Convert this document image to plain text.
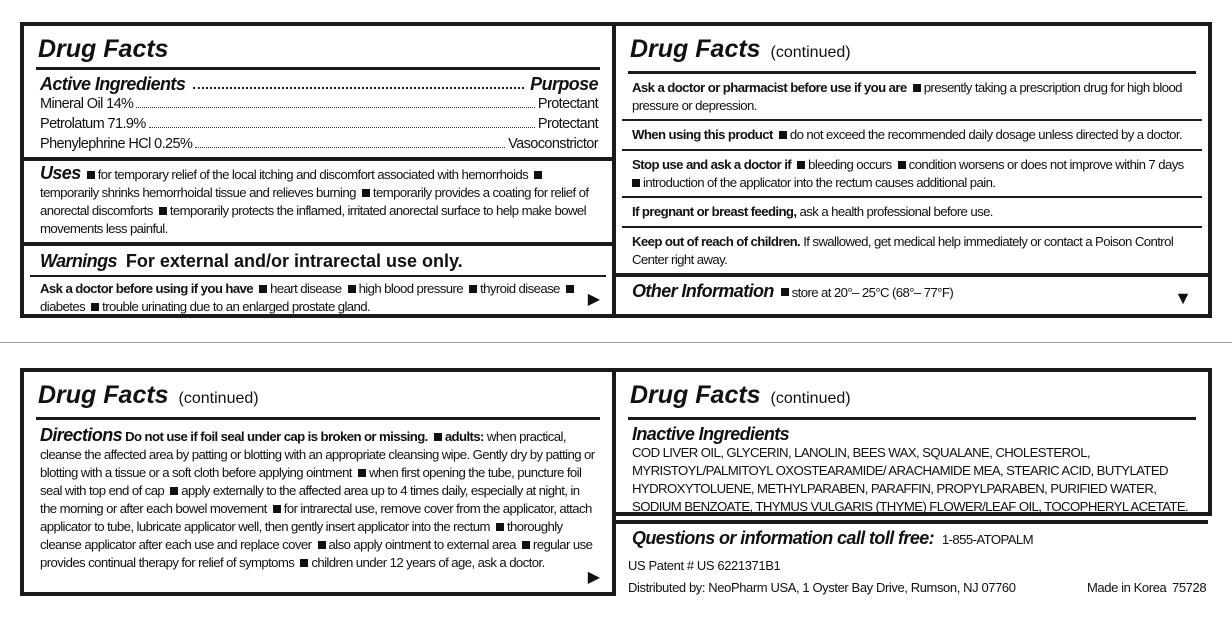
Drug Facts
Active Ingredients	Purpose
Mineral Oil 14%	Protectant
Petrolatum 71.9%	Protectant
Phenylephrine HCl 0.25%	Vasoconstrictor
Uses for temporary relief of the local itching and discomfort associated with hemorrhoids temporarily shrinks hemorrhoidal tissue and relieves burning temporarily provides a coating for relief of anorectal discomforts temporarily protects the inflamed, irritated anorectal surface to help make bowel movements less painful.
Warnings For external and/or intrarectal use only.
Ask a doctor before using if you have heart disease high blood pressure thyroid disease diabetes trouble urinating due to an enlarged prostate gland.	▶
Drug Facts (continued)
Ask a doctor or pharmacist before use if you are presently taking a prescription drug for high blood pressure or depression.
When using this product do not exceed the recommended daily dosage unless directed by a doctor.
Stop use and ask a doctor if bleeding occurs condition worsens or does not improve within 7 days
introduction of the applicator into the rectum causes additional pain.
If pregnant or breast feeding, ask a health professional before use.
Keep out of reach of children. If swallowed, get medical help immediately or contact a Poison Control Center right away.
Other Information store at 20°– 25°C (68°– 77°F)	▼
Drug Facts (continued)
Directions Do not use if foil seal under cap is broken or missing. adults: when practical, cleanse the affected area by patting or blotting with an appropriate cleansing wipe. Gently dry by patting or blotting with a tissue or a soft cloth before applying ointment when first opening the tube, puncture foil seal with top end of cap apply externally to the affected area up to 4 times daily, especially at night, in the morning or after each bowel movement for intrarectal use, remove cover from the applicator, attach applicator to tube, lubricate applicator well, then gently insert applicator into the rectum thoroughly cleanse applicator after each use and replace cover also apply ointment to external area regular use provides continual therapy for relief of symptoms children under 12 years of age, ask a doctor.
▶
Drug Facts (continued)
Inactive Ingredients
COD LIVER OIL, GLYCERIN, LANOLIN, BEES WAX, SQUALANE, CHOLESTEROL, MYRISTOYL/PALMITOYL OXOSTEARAMIDE/ ARACHAMIDE MEA, STEARIC ACID, BUTYLATED HYDROXYTOLUENE, METHYLPARABEN, PARAFFIN, PROPYLPARABEN, PURIFIED WATER, SODIUM BENZOATE, THYMUS VULGARIS (THYME) FLOWER/LEAF OIL, TOCOPHERYL ACETATE.
Questions or information call toll free: 1-855-ATOPALM
US Patent # US 6221371B1
Distributed by: NeoPharm USA, 1 Oyster Bay Drive, Rumson, NJ 07760	Made in Korea 75728
